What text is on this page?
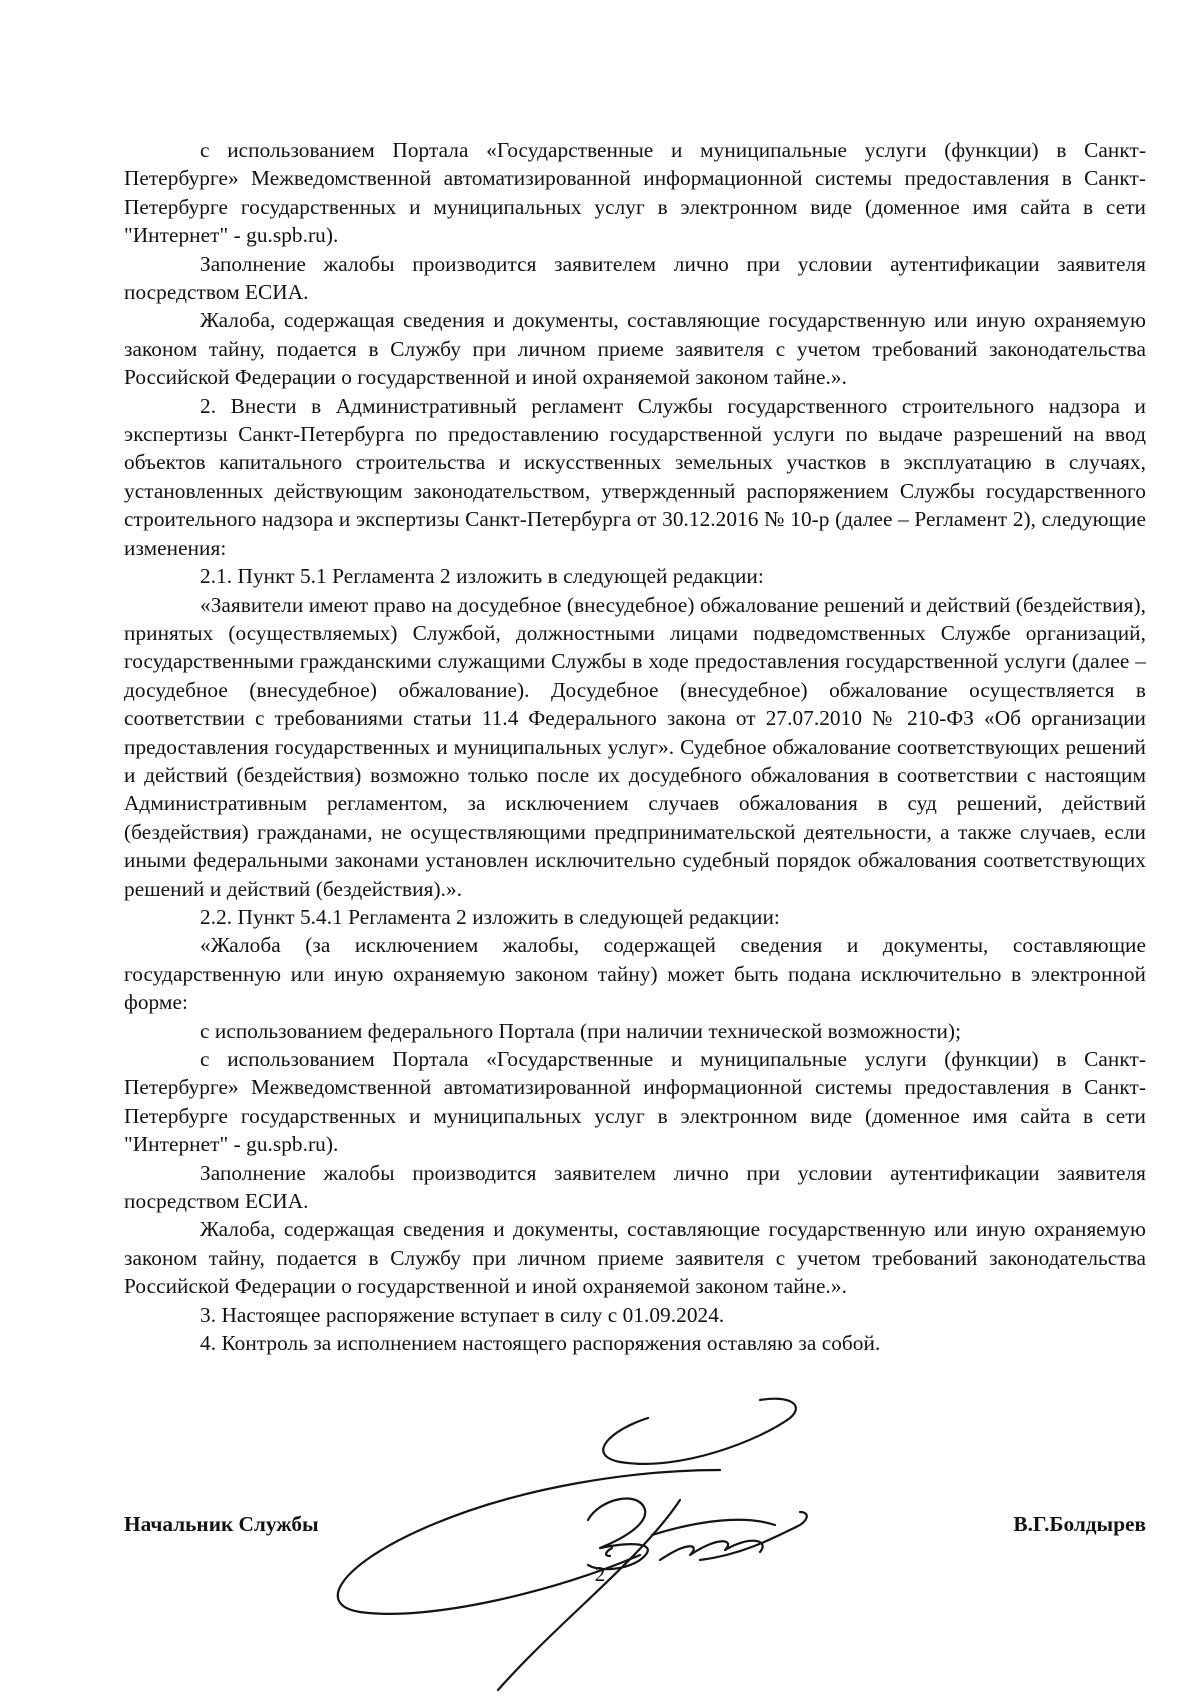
с использованием Портала «Государственные и муниципальные услуги (функции) в Санкт-Петербурге» Межведомственной автоматизированной информационной системы предоставления в Санкт-Петербурге государственных и муниципальных услуг в электронном виде (доменное имя сайта в сети "Интернет" - gu.spb.ru).

Заполнение жалобы производится заявителем лично при условии аутентификации заявителя посредством ЕСИА.

Жалоба, содержащая сведения и документы, составляющие государственную или иную охраняемую законом тайну, подается в Службу при личном приеме заявителя с учетом требований законодательства Российской Федерации о государственной и иной охраняемой законом тайне.».

2. Внести в Административный регламент Службы государственного строительного надзора и экспертизы Санкт-Петербурга по предоставлению государственной услуги по выдаче разрешений на ввод объектов капитального строительства и искусственных земельных участков в эксплуатацию в случаях, установленных действующим законодательством, утвержденный распоряжением Службы государственного строительного надзора и экспертизы Санкт-Петербурга от 30.12.2016 № 10-р (далее – Регламент 2), следующие изменения:

2.1. Пункт 5.1 Регламента 2 изложить в следующей редакции:

«Заявители имеют право на досудебное (внесудебное) обжалование решений и действий (бездействия), принятых (осуществляемых) Службой, должностными лицами подведомственных Службе организаций, государственными гражданскими служащими Службы в ходе предоставления государственной услуги (далее – досудебное (внесудебное) обжалование). Досудебное (внесудебное) обжалование осуществляется в соответствии с требованиями статьи 11.4 Федерального закона от 27.07.2010 № 210-ФЗ «Об организации предоставления государственных и муниципальных услуг». Судебное обжалование соответствующих решений и действий (бездействия) возможно только после их досудебного обжалования в соответствии с настоящим Административным регламентом, за исключением случаев обжалования в суд решений, действий (бездействия) гражданами, не осуществляющими предпринимательской деятельности, а также случаев, если иными федеральными законами установлен исключительно судебный порядок обжалования соответствующих решений и действий (бездействия).».

2.2. Пункт 5.4.1 Регламента 2 изложить в следующей редакции:

«Жалоба (за исключением жалобы, содержащей сведения и документы, составляющие государственную или иную охраняемую законом тайну) может быть подана исключительно в электронной форме:

с использованием федерального Портала (при наличии технической возможности);

с использованием Портала «Государственные и муниципальные услуги (функции) в Санкт-Петербурге» Межведомственной автоматизированной информационной системы предоставления в Санкт-Петербурге государственных и муниципальных услуг в электронном виде (доменное имя сайта в сети "Интернет" - gu.spb.ru).

Заполнение жалобы производится заявителем лично при условии аутентификации заявителя посредством ЕСИА.

Жалоба, содержащая сведения и документы, составляющие государственную или иную охраняемую законом тайну, подается в Службу при личном приеме заявителя с учетом требований законодательства Российской Федерации о государственной и иной охраняемой законом тайне.».

3. Настоящее распоряжение вступает в силу с 01.09.2024.

4. Контроль за исполнением настоящего распоряжения оставляю за собой.

Начальник Службы	В.Г.Болдырев
2
